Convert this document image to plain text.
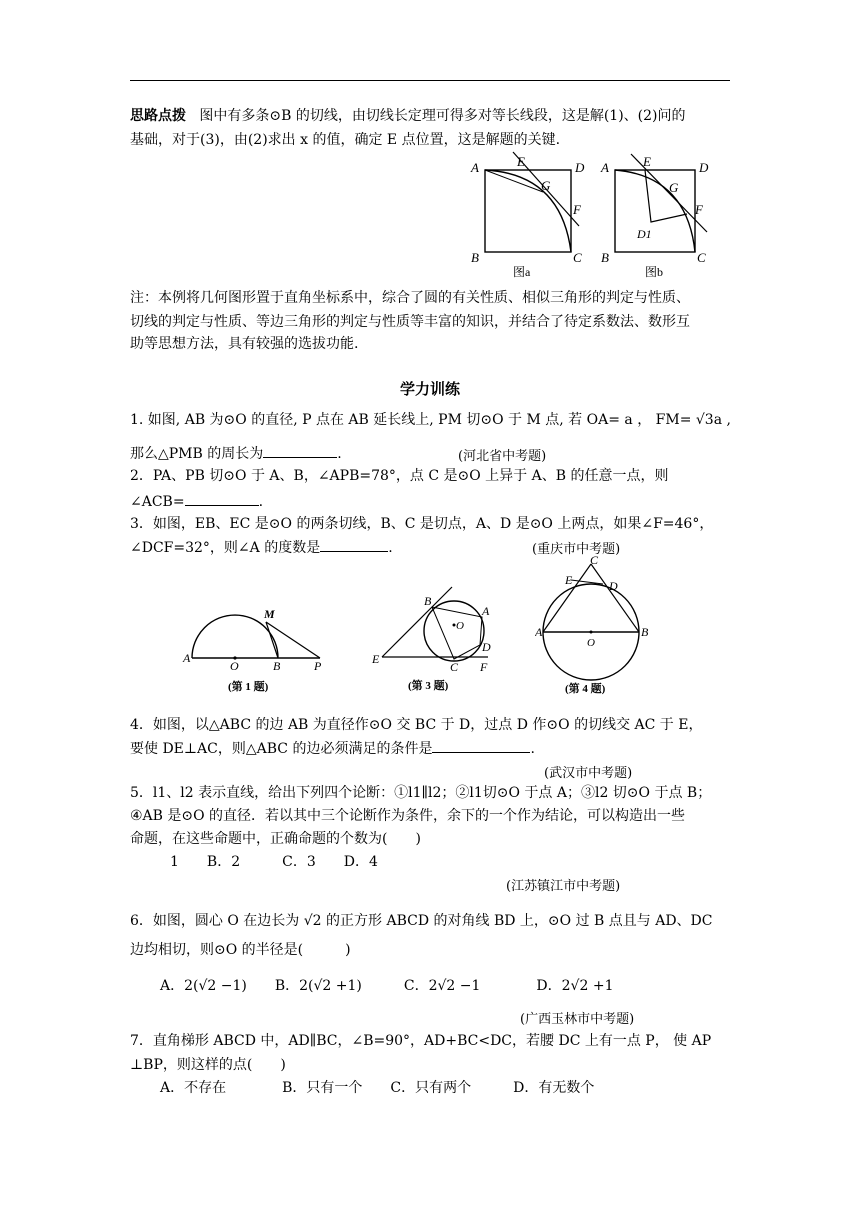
思路点拨 图中有多条⊙B 的切线，由切线长定理可得多对等长线段，这是解(1)、(2)问的
基础，对于(3)，由(2)求出 x 的值，确定 E 点位置，这是解题的关键.
A	E	D
G
F
B	C
图a
A	E	D
G
F
D1
B	C
图b
注：本例将几何图形置于直角坐标系中，综合了圆的有关性质、相似三角形的判定与性质、
切线的判定与性质、等边三角形的判定与性质等丰富的知识，并结合了待定系数法、数形互
助等思想方法，具有较强的选拔功能.
学力训练
1. 如图, AB 为⊙O 的直径, P 点在 AB 延长线上, PM 切⊙O 于 M 点, 若 OA= a ， FM= √3a ,
那么△PMB 的周长为	.	(河北省中考题)
2．PA、PB 切⊙O 于 A、B，∠APB=78°，点 C 是⊙O 上异于 A、B 的任意一点，则
∠ACB=	.
3．如图，EB、EC 是⊙O 的两条切线，B、C 是切点，A、D 是⊙O 上两点，如果∠F=46°，
∠DCF=32°，则∠A 的度数是	.	(重庆市中考题)
M
A
O	B	P
(第 1 题)
B
A
O
D
E
C F
(第 3 题)
C
E	D
A
O
B
(第 4 题)
4．如图，以△ABC 的边 AB 为直径作⊙O 交 BC 于 D，过点 D 作⊙O 的切线交 AC 于 E，
要使 DE⊥AC，则△ABC 的边必须满足的条件是	.
(武汉市中考题)
5．l1、l2 表示直线，给出下列四个论断：①l1∥l2；②l1切⊙O 于点 A；③l2 切⊙O 于点 B；
④AB 是⊙O 的直径．若以其中三个论断作为条件，余下的一个作为结论，可以构造出一些
命题，在这些命题中，正确命题的个数为(　　)
1　　B．2　　　C．3　　D．4
(江苏镇江市中考题)
6．如图，圆心 O 在边长为 √2 的正方形 ABCD 的对角线 BD 上，⊙O 过 B 点且与 AD、DC
边均相切，则⊙O 的半径是(　　　)
A．2(√2 −1)　　B．2(√2 +1)　　　C．2√2 −1　　　　D．2√2 +1
(广西玉林市中考题)
7．直角梯形 ABCD 中，AD∥BC，∠B=90°，AD+BC<DC，若腰 DC 上有一点 P， 使 AP
⊥BP，则这样的点(　　)
A．不存在　　　　B．只有一个　　C．只有两个　　　D．有无数个
